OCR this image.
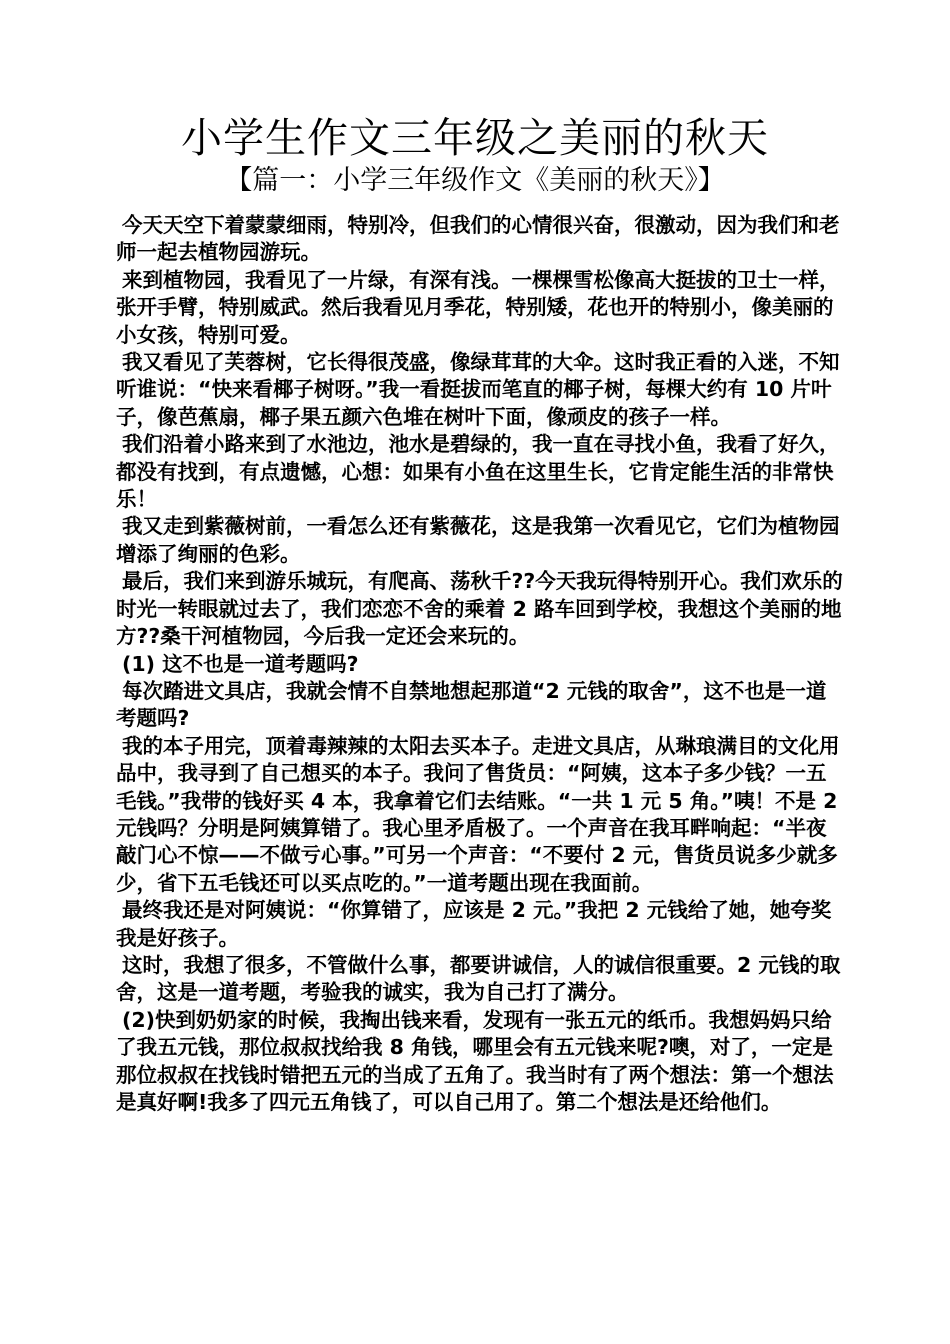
小学生作文三年级之美丽的秋天
【篇一：小学三年级作文《美丽的秋天》】

今天天空下着蒙蒙细雨，特别冷，但我们的心情很兴奋，很激动，因为我们和老师一起去植物园游玩。

来到植物园，我看见了一片绿，有深有浅。一棵棵雪松像高大挺拔的卫士一样，张开手臂，特别威武。然后我看见月季花，特别矮，花也开的特别小，像美丽的小女孩，特别可爱。

我又看见了芙蓉树，它长得很茂盛，像绿茸茸的大伞。这时我正看的入迷，不知听谁说：“快来看椰子树呀。”我一看挺拔而笔直的椰子树，每棵大约有 10 片叶子，像芭蕉扇，椰子果五颜六色堆在树叶下面，像顽皮的孩子一样。

我们沿着小路来到了水池边，池水是碧绿的，我一直在寻找小鱼，我看了好久，都没有找到，有点遗憾，心想：如果有小鱼在这里生长，它肯定能生活的非常快乐！

我又走到紫薇树前，一看怎么还有紫薇花，这是我第一次看见它，它们为植物园增添了绚丽的色彩。

最后，我们来到游乐城玩，有爬高、荡秋千??今天我玩得特别开心。我们欢乐的时光一转眼就过去了，我们恋恋不舍的乘着 2 路车回到学校，我想这个美丽的地方??桑干河植物园，今后我一定还会来玩的。

(1) 这不也是一道考题吗?

每次踏进文具店，我就会情不自禁地想起那道“2 元钱的取舍”，这不也是一道考题吗?

我的本子用完，顶着毒辣辣的太阳去买本子。走进文具店，从琳琅满目的文化用品中，我寻到了自己想买的本子。我问了售货员：“阿姨，这本子多少钱？一五毛钱。”我带的钱好买 4 本，我拿着它们去结账。“一共 1 元 5 角。”咦！不是 2 元钱吗？分明是阿姨算错了。我心里矛盾极了。一个声音在我耳畔响起：“半夜敲门心不惊——不做亏心事。”可另一个声音：“不要付 2 元，售货员说多少就多少，省下五毛钱还可以买点吃的。”一道考题出现在我面前。

最终我还是对阿姨说：“你算错了，应该是 2 元。”我把 2 元钱给了她，她夸奖我是好孩子。

这时，我想了很多，不管做什么事，都要讲诚信，人的诚信很重要。2 元钱的取舍，这是一道考题，考验我的诚实，我为自己打了满分。

(2)快到奶奶家的时候，我掏出钱来看，发现有一张五元的纸币。我想妈妈只给了我五元钱，那位叔叔找给我 8 角钱，哪里会有五元钱来呢?噢，对了，一定是那位叔叔在找钱时错把五元的当成了五角了。我当时有了两个想法：第一个想法是真好啊!我多了四元五角钱了，可以自己用了。第二个想法是还给他们。
